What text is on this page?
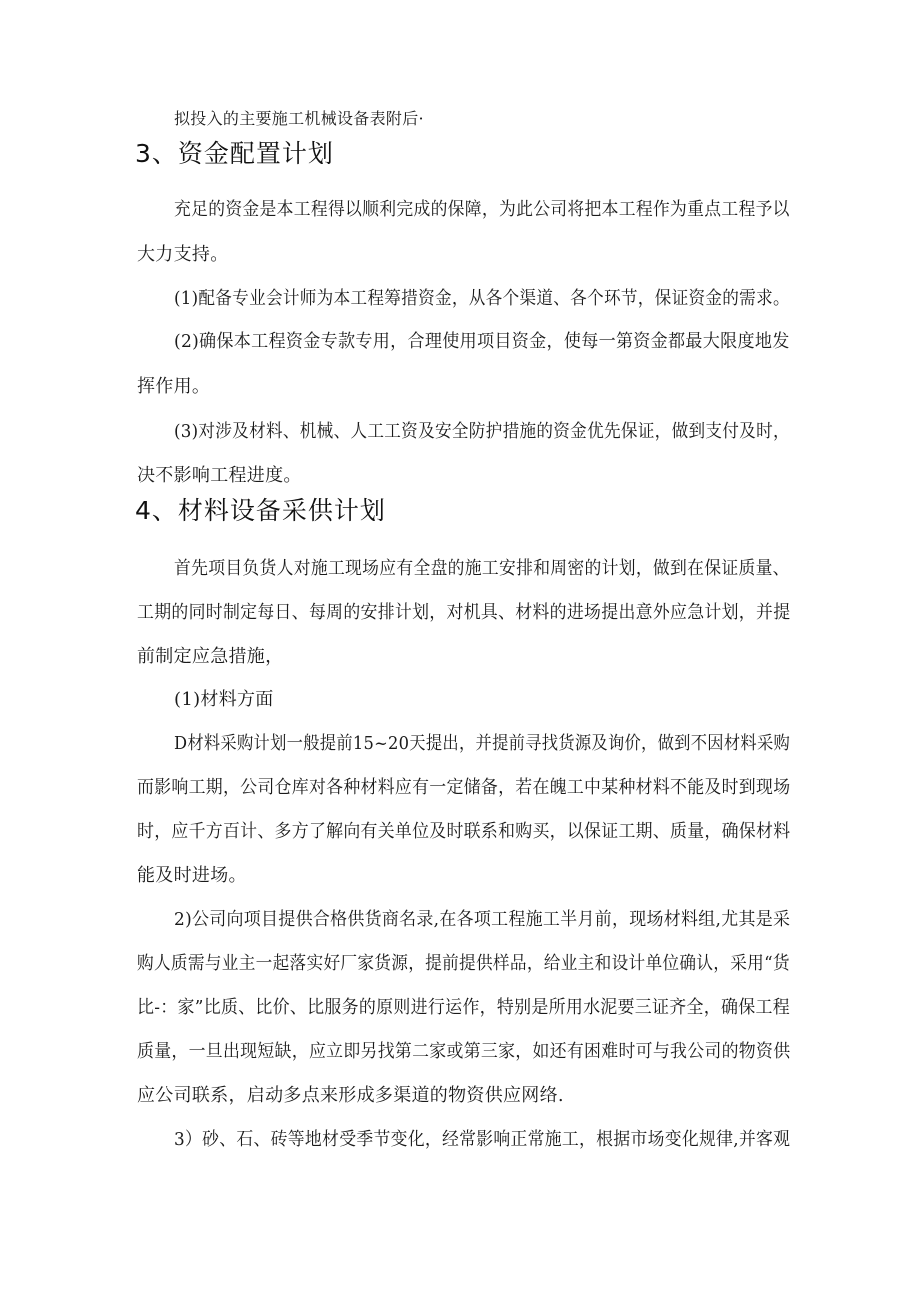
拟投入的主要施工机械设备表附后·
3、资金配置计划
充足的资金是本工程得以顺利完成的保障，为此公司将把本工程作为重点工程予以
大力支持。
(1)配备专业会计师为本工程筹措资金，从各个渠道、各个环节，保证资金的需求。
(2)确保本工程资金专款专用，合理使用项目资金，使每一第资金都最大限度地发
挥作用。
(3)对涉及材料、机械、人工工资及安全防护措施的资金优先保证，做到支付及时，
决不影响工程进度。
4、材料设备采供计划
首先项目负货人对施工现场应有全盘的施工安排和周密的计划，做到在保证质量、
工期的同时制定每日、每周的安排计划，对机具、材料的进场提出意外应急计划，并提
前制定应急措施，
(1)材料方面
D材料采购计划一般提前15~20天提出，并提前寻找货源及询价，做到不因材料采购
而影响工期，公司仓库对各种材料应有一定储备，若在魄工中某种材料不能及时到现场
时，应千方百计、多方了解向有关单位及时联系和购买，以保证工期、质量，确保材料
能及时进场。
2)公司向项目提供合格供货商名录,在各项工程施工半月前，现场材料组,尤其是采
购人质需与业主一起落实好厂家货源，提前提供样品，给业主和设计单位确认，采用“货
比-：家”比质、比价、比服务的原则进行运作，特别是所用水泥要三证齐全，确保工程
质量，一旦出现短缺，应立即另找第二家或第三家，如还有困难时可与我公司的物资供
应公司联系，启动多点来形成多渠道的物资供应网络.
3）砂、石、砖等地材受季节变化，经常影响正常施工，根据市场变化规律,并客观
